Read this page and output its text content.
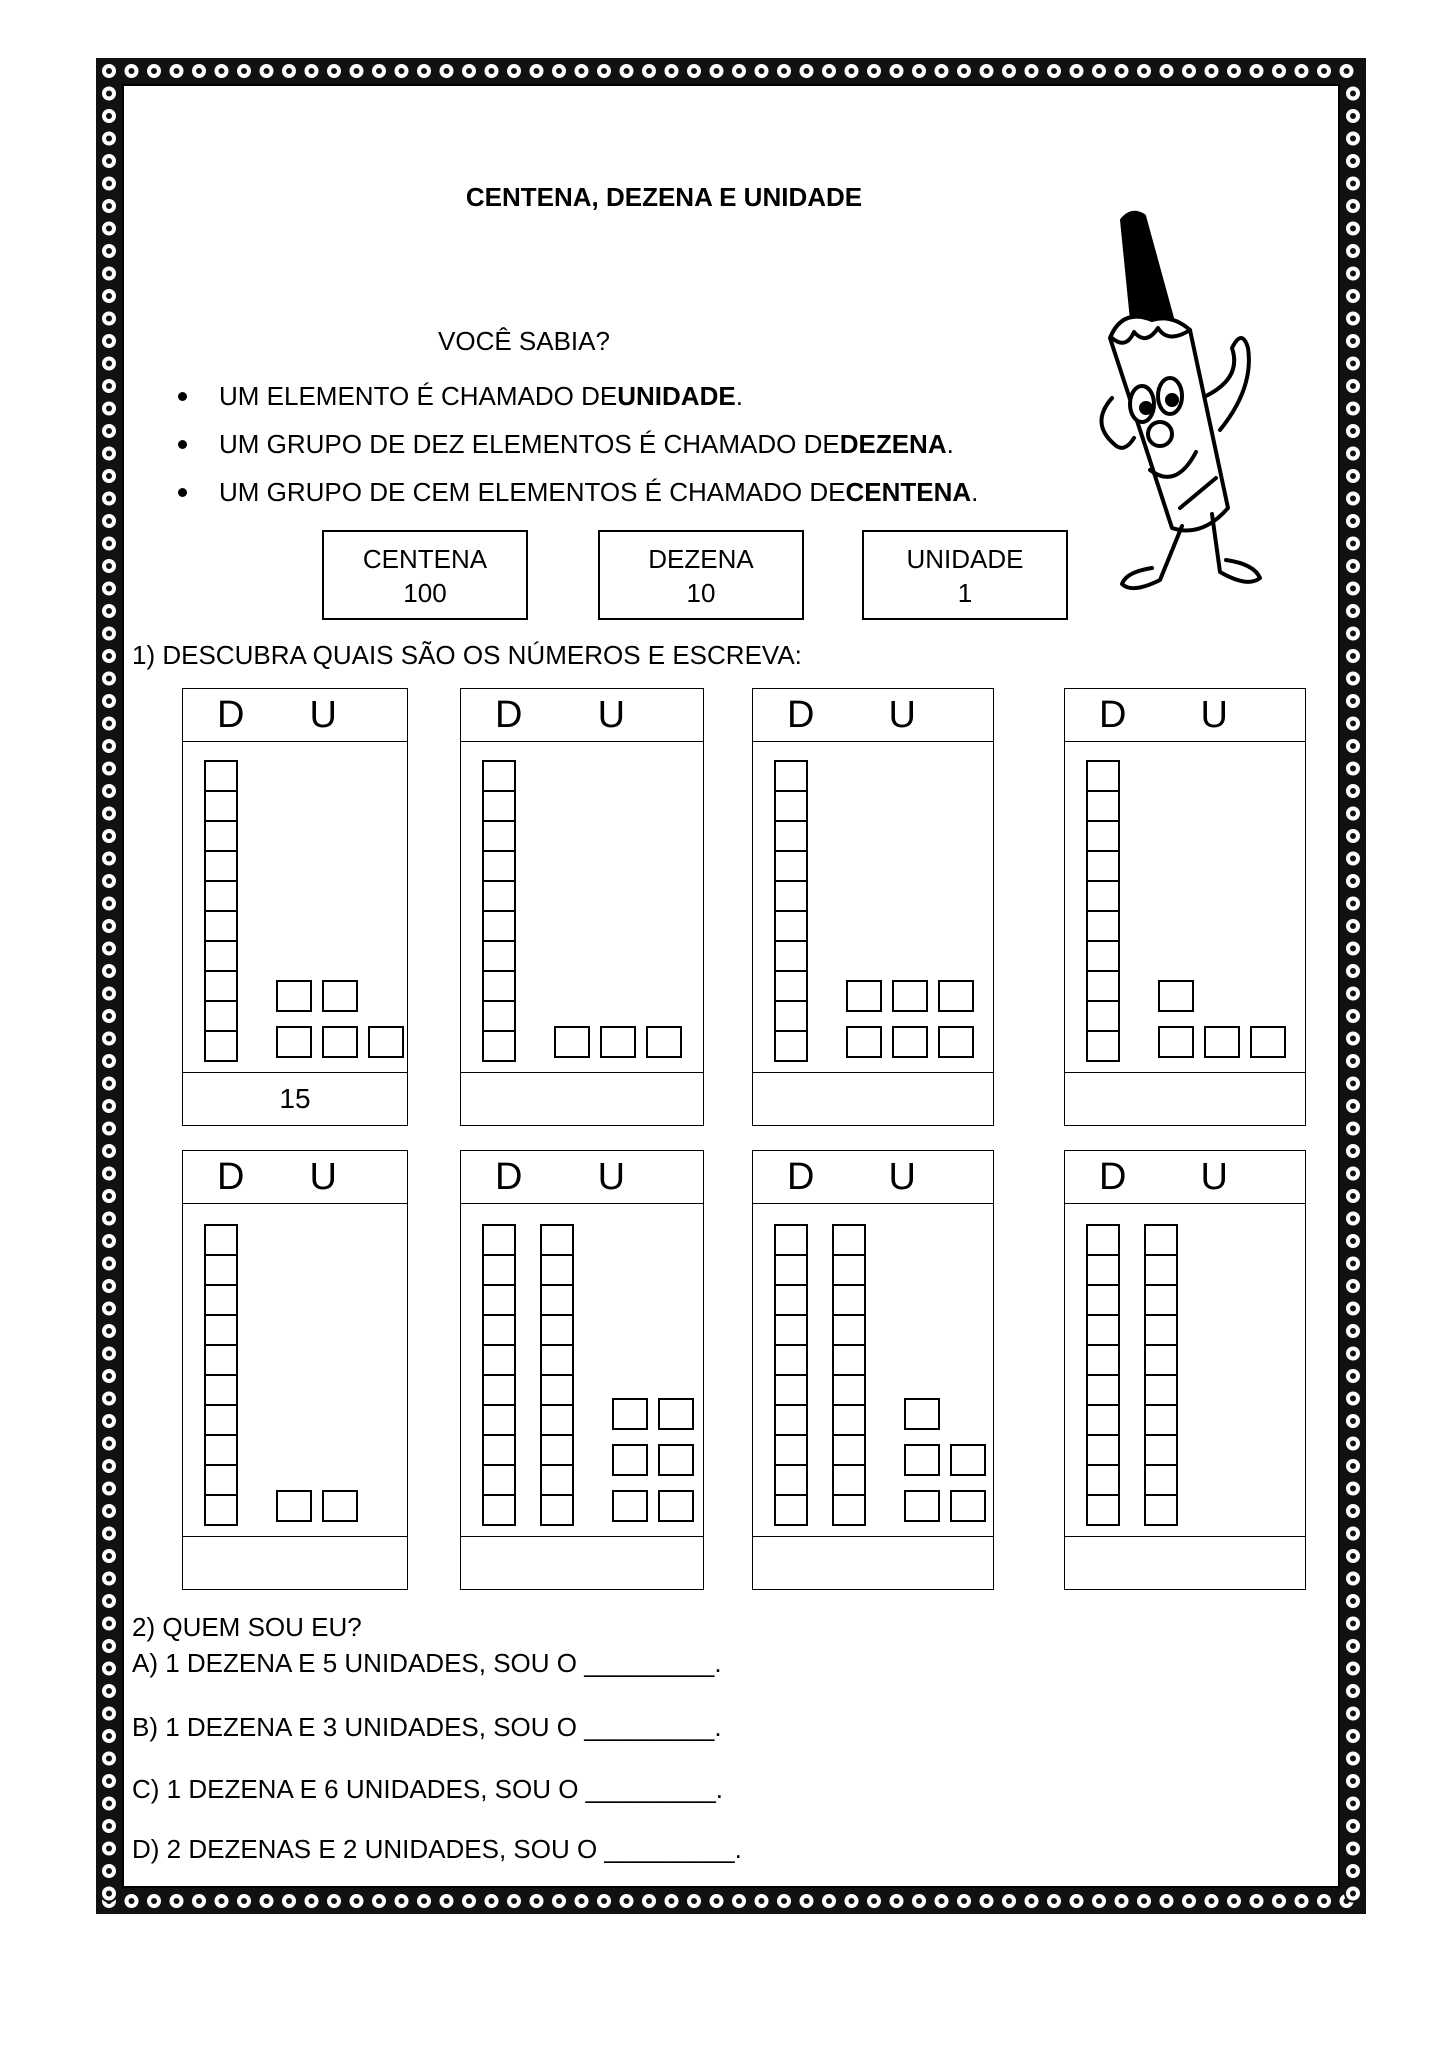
CENTENA, DEZENA E UNIDADE
VOCÊ SABIA?
UM ELEMENTO É CHAMADO DE UNIDADE .
UM GRUPO DE DEZ ELEMENTOS É CHAMADO DE DEZENA .
UM GRUPO DE CEM ELEMENTOS É CHAMADO DE CENTENA .
CENTENA
100
DEZENA
10
UNIDADE
1
1) DESCUBRA QUAIS SÃO OS NÚMEROS E ESCREVA:
D U
15
D U	D U	D U
D U	D U	D U	D U
2) QUEM SOU EU?
A) 1 DEZENA E 5 UNIDADES, SOU O _________.
B) 1 DEZENA E 3 UNIDADES, SOU O _________.
C) 1 DEZENA E 6 UNIDADES, SOU O _________.
D) 2 DEZENAS E 2 UNIDADES, SOU O _________.
